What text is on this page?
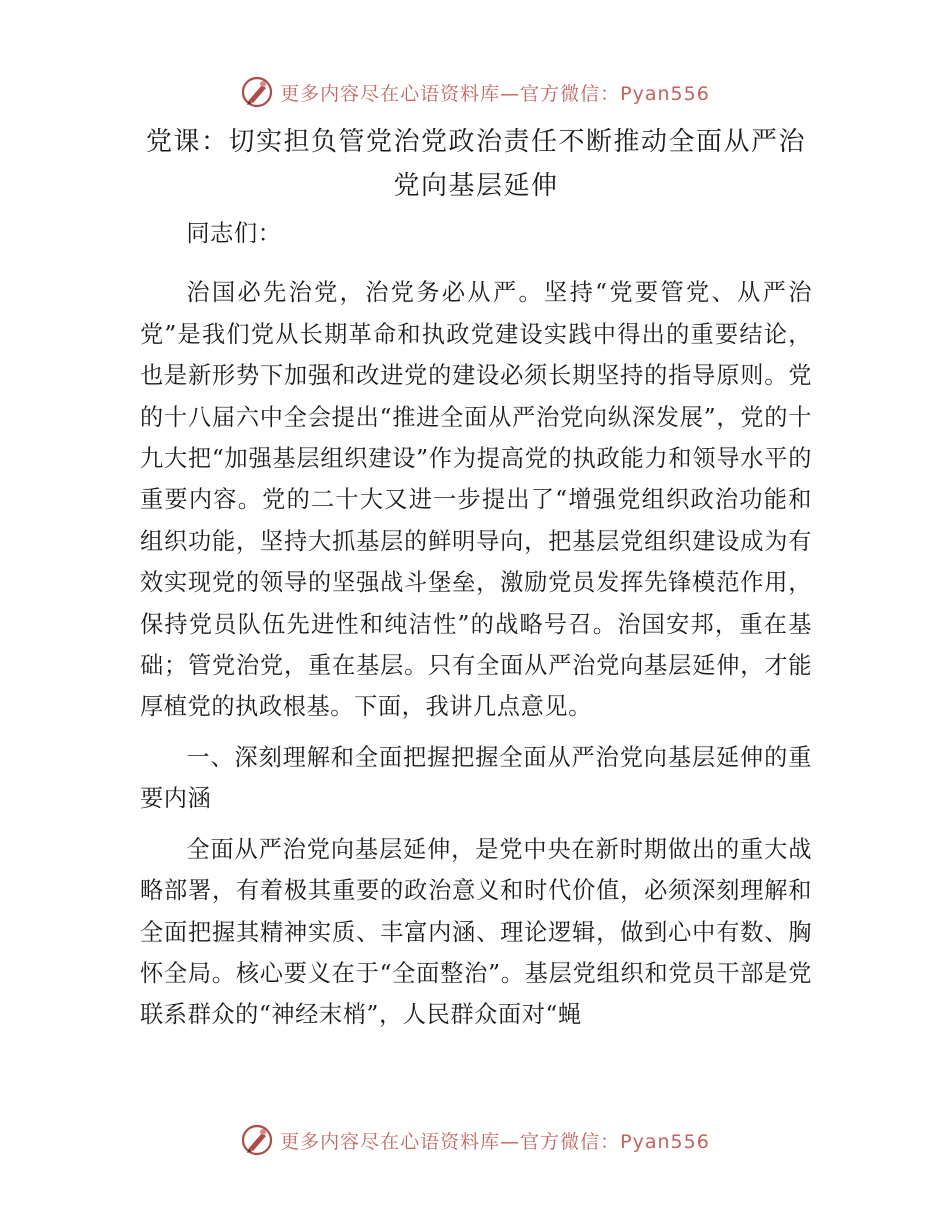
更多内容尽在心语资料库—官方微信：Pyan556
党课：切实担负管党治党政治责任不断推动全面从严治党向基层延伸

同志们：

治国必先治党，治党务必从严。坚持“党要管党、从严治党”是我们党从长期革命和执政党建设实践中得出的重要结论，也是新形势下加强和改进党的建设必须长期坚持的指导原则。党的十八届六中全会提出“推进全面从严治党向纵深发展”，党的十九大把“加强基层组织建设”作为提高党的执政能力和领导水平的重要内容。党的二十大又进一步提出了“增强党组织政治功能和组织功能，坚持大抓基层的鲜明导向，把基层党组织建设成为有效实现党的领导的坚强战斗堡垒，激励党员发挥先锋模范作用，保持党员队伍先进性和纯洁性”的战略号召。治国安邦，重在基础；管党治党，重在基层。只有全面从严治党向基层延伸，才能厚植党的执政根基。下面，我讲几点意见。

一、深刻理解和全面把握把握全面从严治党向基层延伸的重要内涵

全面从严治党向基层延伸，是党中央在新时期做出的重大战略部署，有着极其重要的政治意义和时代价值，必须深刻理解和全面把握其精神实质、丰富内涵、理论逻辑，做到心中有数、胸怀全局。核心要义在于“全面整治”。基层党组织和党员干部是党联系群众的“神经末梢”，人民群众面对“蝇

更多内容尽在心语资料库—官方微信：Pyan556
